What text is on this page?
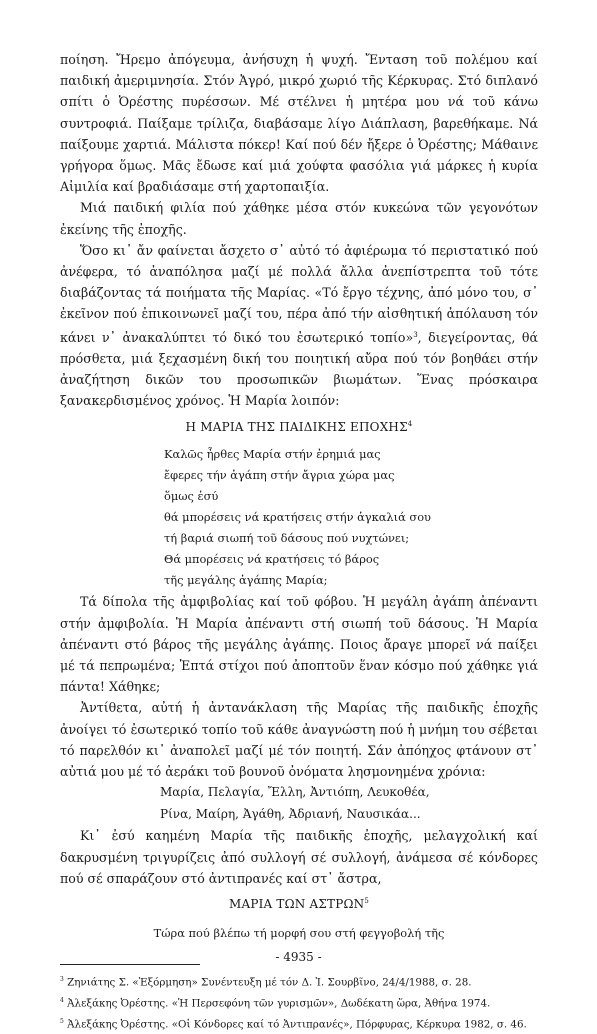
ποίηση. Ἤρεμο ἀπόγευμα, ἀνήσυχη ἡ ψυχή. Ἔνταση τοῦ πολέμου καί παιδική ἀμεριμνησία. Στόν Ἀγρό, μικρό χωριό τῆς Κέρκυρας. Στό διπλανό σπίτι ὁ Ὀρέστης πυρέσσων. Μέ στέλνει ἡ μητέρα μου νά τοῦ κάνω συντροφιά. Παίξαμε τρίλιζα, διαβάσαμε λίγο Διάπλαση, βαρεθήκαμε. Νά παίξουμε χαρτιά. Μάλιστα πόκερ! Καί πού δέν ἤξερε ὁ Ὀρέστης; Μάθαινε γρήγορα ὅμως. Μᾶς ἔδωσε καί μιά χούφτα φασόλια γιά μάρκες ἡ κυρία Αἰμιλία καί βραδιάσαμε στή χαρτοπαιξία.

Μιά παιδική φιλία πού χάθηκε μέσα στόν κυκεώνα τῶν γεγονότων ἐκείνης τῆς ἐποχῆς.

Ὅσο κι᾽ ἄν φαίνεται ἄσχετο σ᾽ αὐτό τό ἀφιέρωμα τό περιστατικό πού ἀνέφερα, τό ἀναπόλησα μαζί μέ πολλά ἄλλα ἀνεπίστρεπτα τοῦ τότε διαβάζοντας τά ποιήματα τῆς Μαρίας. «Τό ἔργο τέχνης, ἀπό μόνο του, σ᾽ ἐκεῖνον πού ἐπικοινωνεῖ μαζί του, πέρα ἀπό τήν αἰσθητική ἀπόλαυση τόν κάνει ν᾽ ἀνακαλύπτει τό δικό του ἐσωτερικό τοπίο»$^3$, διεγείροντας, θά πρόσθετα, μιά ξεχασμένη δική του ποιητική αὔρα πού τόν βοηθάει στήν ἀναζήτηση δικῶν του προσωπικῶν βιωμάτων. Ἕνας πρόσκαιρα ξανακερδισμένος χρόνος. Ἡ Μαρία λοιπόν:

Η ΜΑΡΙΑ ΤΗΣ ΠΑΙΔΙΚΗΣ ΕΠΟΧΗΣ$^4$
Καλῶς ἦρθες Μαρία στήν ἐρημιά μας
ἔφερες τήν ἀγάπη στήν ἄγρια χώρα μας
ὅμως ἐσύ
θά μπορέσεις νά κρατήσεις στήν ἀγκαλιά σου
τή βαριά σιωπή τοῦ δάσους πού νυχτώνει;
Θά μπορέσεις νά κρατήσεις τό βάρος
τῆς μεγάλης ἀγάπης Μαρία;

Τά δίπολα τῆς ἀμφιβολίας καί τοῦ φόβου. Ἡ μεγάλη ἀγάπη ἀπέναντι στήν ἀμφιβολία. Ἡ Μαρία ἀπέναντι στή σιωπή τοῦ δάσους. Ἡ Μαρία ἀπέναντι στό βάρος τῆς μεγάλης ἀγάπης. Ποιος ἄραγε μπορεῖ νά παίξει μέ τά πεπρωμένα; Ἑπτά στίχοι πού ἀποπτοῦν ἕναν κόσμο πού χάθηκε γιά πάντα! Χάθηκε;

Ἀντίθετα, αὐτή ἡ ἀντανάκλαση τῆς Μαρίας τῆς παιδικῆς ἐποχῆς ἀνοίγει τό ἐσωτερικό τοπίο τοῦ κάθε ἀναγνώστη πού ἡ μνήμη του σέβεται τό παρελθόν κι᾽ ἀναπολεῖ μαζί μέ τόν ποιητή. Σάν ἀπόηχος φτάνουν στ᾽ αὐτιά μου μέ τό ἀεράκι τοῦ βουνοῦ ὀνόματα λησμονημένα χρόνια:

Μαρία, Πελαγία, Ἔλλη, Ἀντιόπη, Λευκοθέα,
Ρίνα, Μαίρη, Ἀγάθη, Ἀδριανή, Ναυσικάα...

Κι᾽ ἐσύ καημένη Μαρία τῆς παιδικῆς ἐποχῆς, μελαγχολική καί δακρυσμένη τριγυρίζεις ἀπό συλλογή σέ συλλογή, ἀνάμεσα σέ κόνδορες πού σέ σπαράζουν στό ἀντιπρανές καί στ᾽ ἄστρα,

ΜΑΡΙΑ ΤΩΝ ΑΣΤΡΩΝ$^5$
Τώρα πού βλέπω τή μορφή σου στή φεγγοβολή τῆς
$^3$ Ζηνιάτης Σ. «Ἐξόρμηση» Συνέντευξη μέ τόν Δ. Ἰ. Σουρβῖνο, 24/4/1988, σ. 28.
$^4$ Ἀλεξάκης Ὀρέστης. «Ἡ Περσεφόνη τῶν γυρισμῶν», Δωδέκατη ὥρα, Ἀθήνα 1974.
$^5$ Ἀλεξάκης Ὀρέστης. «Οἱ Κόνδορες καί τό Ἀντιπρανές», Πόρφυρας, Κέρκυρα 1982, σ. 46.
- 4935 -
